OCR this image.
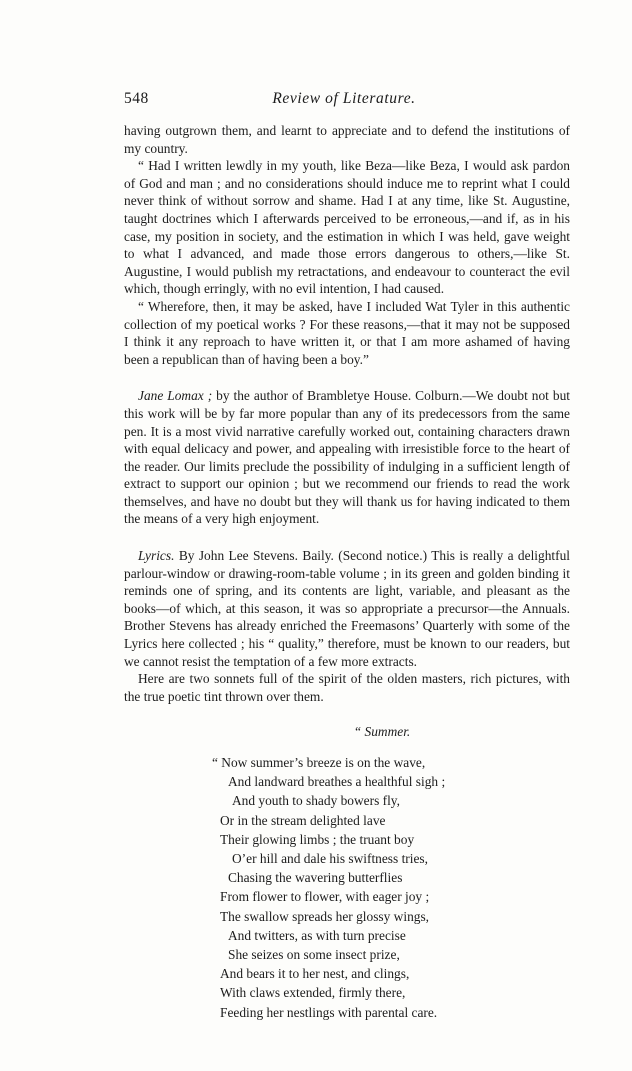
548	Review of Literature.

having outgrown them, and learnt to appreciate and to defend the institutions of my country.

“ Had I written lewdly in my youth, like Beza—like Beza, I would ask pardon of God and man ; and no considerations should induce me to reprint what I could never think of without sorrow and shame. Had I at any time, like St. Augustine, taught doctrines which I afterwards perceived to be erroneous,—and if, as in his case, my position in society, and the estimation in which I was held, gave weight to what I advanced, and made those errors dangerous to others,—like St. Augustine, I would publish my retractations, and endeavour to counteract the evil which, though erringly, with no evil intention, I had caused.

“ Wherefore, then, it may be asked, have I included Wat Tyler in this authentic collection of my poetical works ? For these reasons,—that it may not be supposed I think it any reproach to have written it, or that I am more ashamed of having been a republican than of having been a boy.”

Jane Lomax ; by the author of Brambletye House. Colburn.—We doubt not but this work will be by far more popular than any of its predecessors from the same pen. It is a most vivid narrative carefully worked out, containing characters drawn with equal delicacy and power, and appealing with irresistible force to the heart of the reader. Our limits preclude the possibility of indulging in a sufficient length of extract to support our opinion ; but we recommend our friends to read the work themselves, and have no doubt but they will thank us for having indicated to them the means of a very high enjoyment.

Lyrics. By John Lee Stevens. Baily. (Second notice.) This is really a delightful parlour-window or drawing-room-table volume ; in its green and golden binding it reminds one of spring, and its contents are light, variable, and pleasant as the books—of which, at this season, it was so appropriate a precursor—the Annuals. Brother Stevens has already enriched the Freemasons’ Quarterly with some of the Lyrics here collected ; his “ quality,” therefore, must be known to our readers, but we cannot resist the temptation of a few more extracts.

Here are two sonnets full of the spirit of the olden masters, rich pictures, with the true poetic tint thrown over them.

“ Summer.
“ Now summer’s breeze is on the wave,
And landward breathes a healthful sigh ;
And youth to shady bowers fly,
Or in the stream delighted lave
Their glowing limbs ; the truant boy
O’er hill and dale his swiftness tries,
Chasing the wavering butterflies
From flower to flower, with eager joy ;
The swallow spreads her glossy wings,
And twitters, as with turn precise
She seizes on some insect prize,
And bears it to her nest, and clings,
With claws extended, firmly there,
Feeding her nestlings with parental care.
